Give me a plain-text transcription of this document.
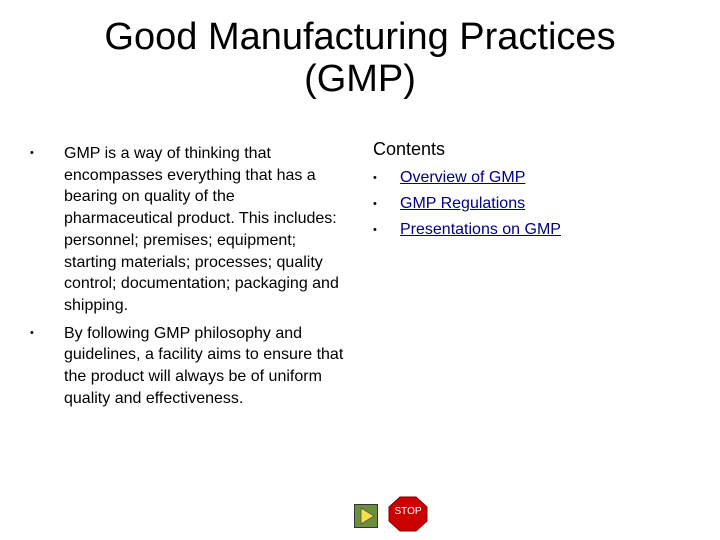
Good Manufacturing Practices
(GMP)
• GMP is a way of thinking that encompasses everything that has a bearing on quality of the pharmaceutical product. This includes: personnel; premises; equipment; starting materials; processes; quality control; documentation; packaging and shipping.
• By following GMP philosophy and guidelines, a facility aims to ensure that the product will always be of uniform quality and effectiveness.
Contents
• Overview of GMP
• GMP Regulations
• Presentations on GMP
STOP
